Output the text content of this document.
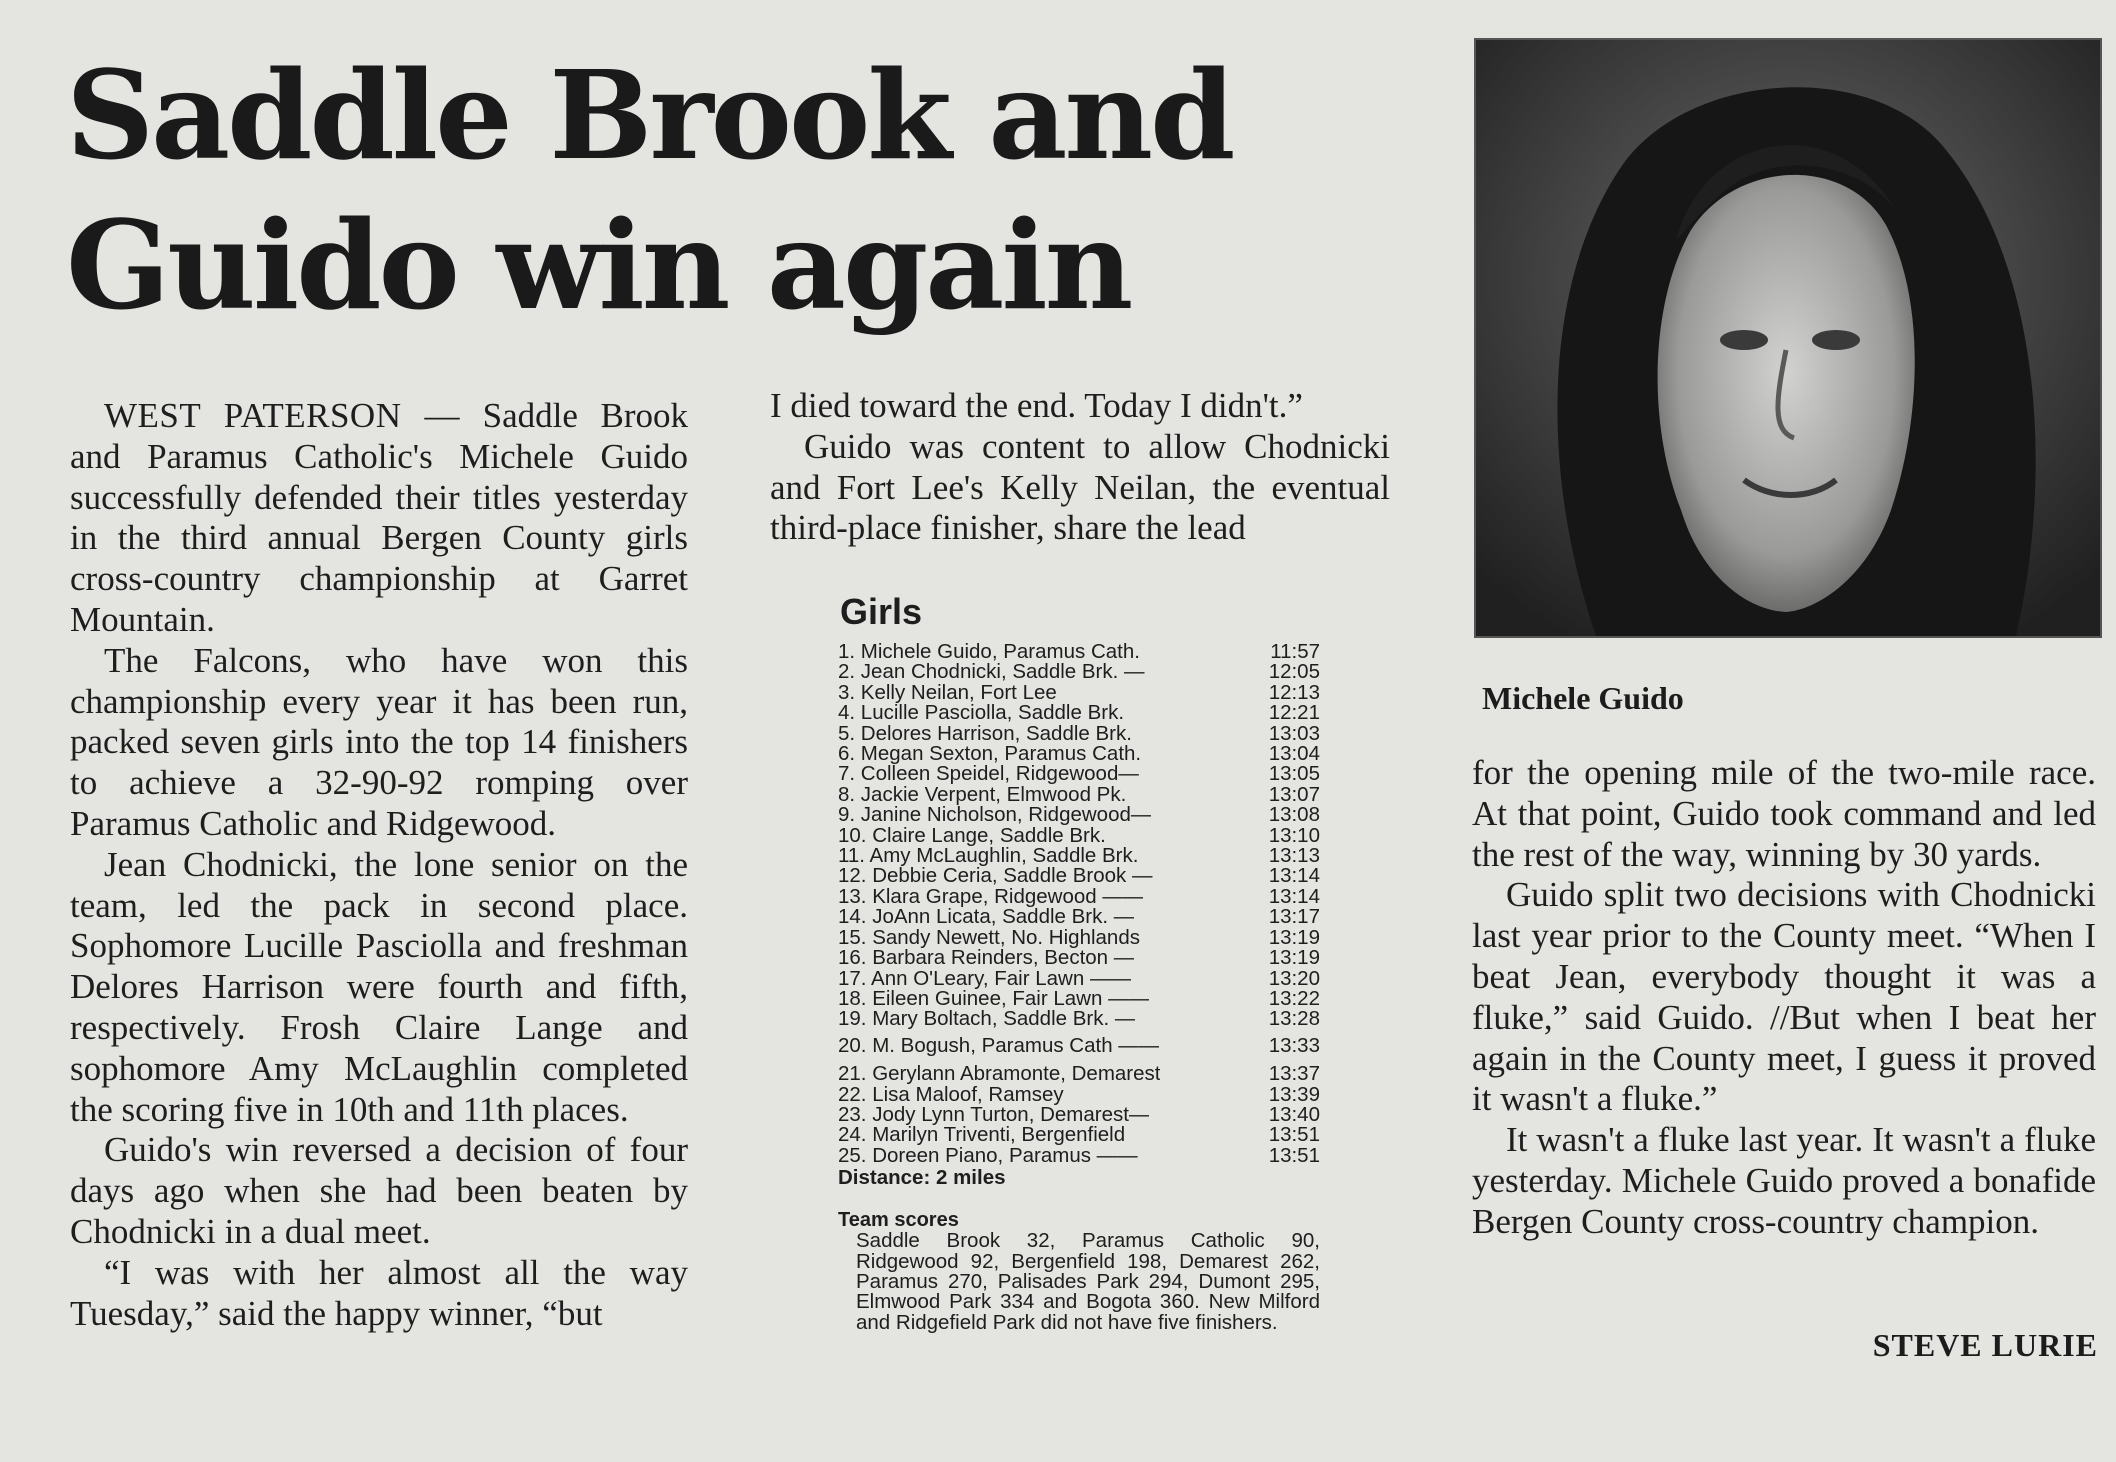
Saddle Brook and
Guido win again

WEST PATERSON — Saddle Brook and Paramus Catholic's Michele Guido successfully defended their titles yesterday in the third annual Bergen County girls cross-country championship at Garret Mountain.

The Falcons, who have won this championship every year it has been run, packed seven girls into the top 14 finishers to achieve a 32-90-92 romping over Paramus Catholic and Ridgewood.

Jean Chodnicki, the lone senior on the team, led the pack in second place. Sophomore Lucille Pasciolla and freshman Delores Harrison were fourth and fifth, respectively. Frosh Claire Lange and sophomore Amy McLaughlin completed the scoring five in 10th and 11th places.

Guido's win reversed a decision of four days ago when she had been beaten by Chodnicki in a dual meet.

“I was with her almost all the way Tuesday,” said the happy winner, “but

I died toward the end. Today I didn't.”

Guido was content to allow Chodnicki and Fort Lee's Kelly Neilan, the eventual third-place finisher, share the lead

Girls
1. Michele Guido, Paramus Cath.	11:57
2. Jean Chodnicki, Saddle Brk. —	12:05
3. Kelly Neilan, Fort Lee	12:13
4. Lucille Pasciolla, Saddle Brk.	12:21
5. Delores Harrison, Saddle Brk.	13:03
6. Megan Sexton, Paramus Cath.	13:04
7. Colleen Speidel, Ridgewood—	13:05
8. Jackie Verpent, Elmwood Pk.	13:07
9. Janine Nicholson, Ridgewood—	13:08
10. Claire Lange, Saddle Brk.	13:10
11. Amy McLaughlin, Saddle Brk.	13:13
12. Debbie Ceria, Saddle Brook —	13:14
13. Klara Grape, Ridgewood ——	13:14
14. JoAnn Licata, Saddle Brk. —	13:17
15. Sandy Newett, No. Highlands	13:19
16. Barbara Reinders, Becton —	13:19
17. Ann O'Leary, Fair Lawn ——	13:20
18. Eileen Guinee, Fair Lawn ——	13:22
19. Mary Boltach, Saddle Brk. —	13:28
20. M. Bogush, Paramus Cath ——	13:33
21. Gerylann Abramonte, Demarest	13:37
22. Lisa Maloof, Ramsey	13:39
23. Jody Lynn Turton, Demarest—	13:40
24. Marilyn Triventi, Bergenfield	13:51
25. Doreen Piano, Paramus ——	13:51
Distance: 2 miles
Team scores
Saddle Brook 32, Paramus Catholic 90, Ridgewood 92, Bergenfield 198, Demarest 262, Paramus 270, Palisades Park 294, Dumont 295, Elmwood Park 334 and Bogota 360. New Milford and Ridgefield Park did not have five finishers.
Michele Guido

for the opening mile of the two-mile race. At that point, Guido took command and led the rest of the way, winning by 30 yards.

Guido split two decisions with Chodnicki last year prior to the County meet. “When I beat Jean, everybody thought it was a fluke,” said Guido. //But when I beat her again in the County meet, I guess it proved it wasn't a fluke.”

It wasn't a fluke last year. It wasn't a fluke yesterday. Michele Guido proved a bonafide Bergen County cross-country champion.

STEVE LURIE
